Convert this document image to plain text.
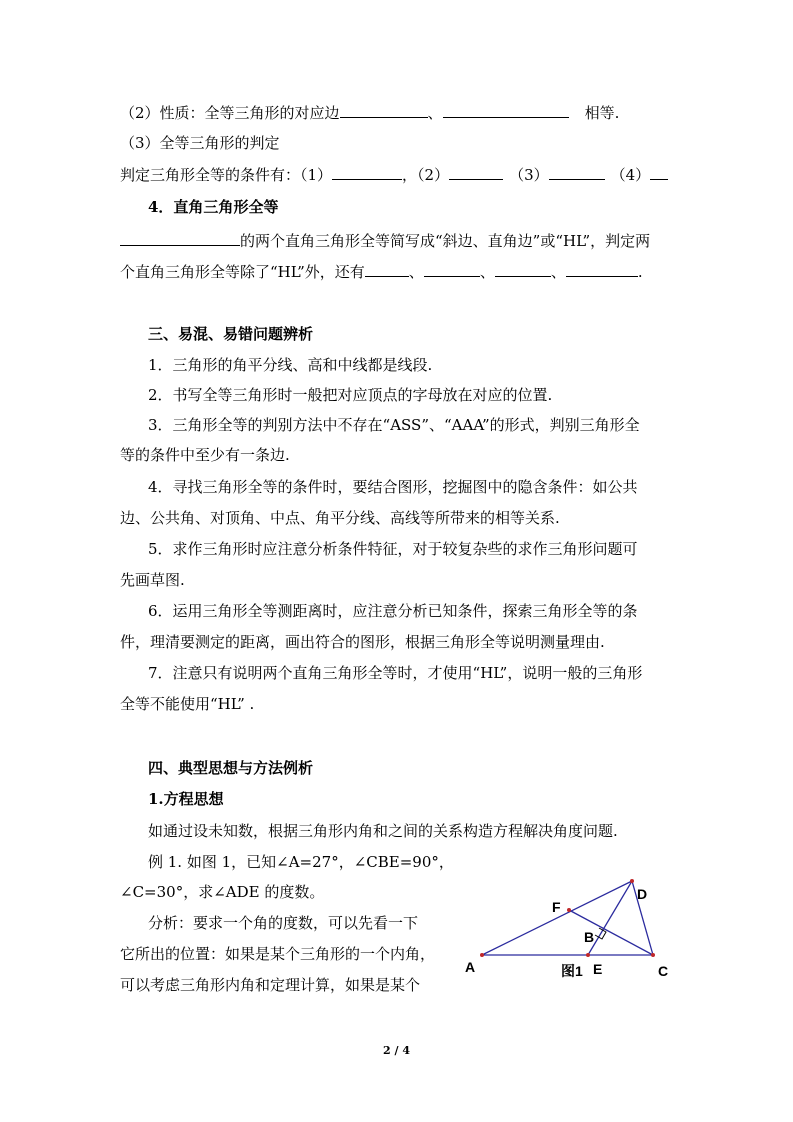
（2）性质：全等三角形的对应边	、	相等.
（3）全等三角形的判定
判定三角形全等的条件有：（1）	，（2）	（3）	（4）
4．直角三角形全等
的两个直角三角形全等简写成“斜边、直角边”或“HL”，判定两
个直角三角形全等除了“HL”外，还有	、	、	、	.
三、易混、易错问题辨析
1．三角形的角平分线、高和中线都是线段.
2．书写全等三角形时一般把对应顶点的字母放在对应的位置.
3．三角形全等的判别方法中不存在“ASS”、“AAA”的形式，判别三角形全
等的条件中至少有一条边.
4．寻找三角形全等的条件时，要结合图形，挖掘图中的隐含条件：如公共
边、公共角、对顶角、中点、角平分线、高线等所带来的相等关系.
5．求作三角形时应注意分析条件特征，对于较复杂些的求作三角形问题可
先画草图.
6．运用三角形全等测距离时，应注意分析已知条件，探索三角形全等的条
件，理清要测定的距离，画出符合的图形，根据三角形全等说明测量理由.
7．注意只有说明两个直角三角形全等时，才使用“HL”，说明一般的三角形
全等不能使用“HL” .
四、典型思想与方法例析
1.方程思想
如通过设未知数，根据三角形内角和之间的关系构造方程解决角度问题.
例 1. 如图 1，已知∠A=27°，∠CBE=90°，
∠C=30°，求∠ADE 的度数。
分析：要求一个角的度数，可以先看一下
它所出的位置：如果是某个三角形的一个内角，
可以考虑三角形内角和定理计算，如果是某个
A
B
C
D
E
F
图1
2 / 4
